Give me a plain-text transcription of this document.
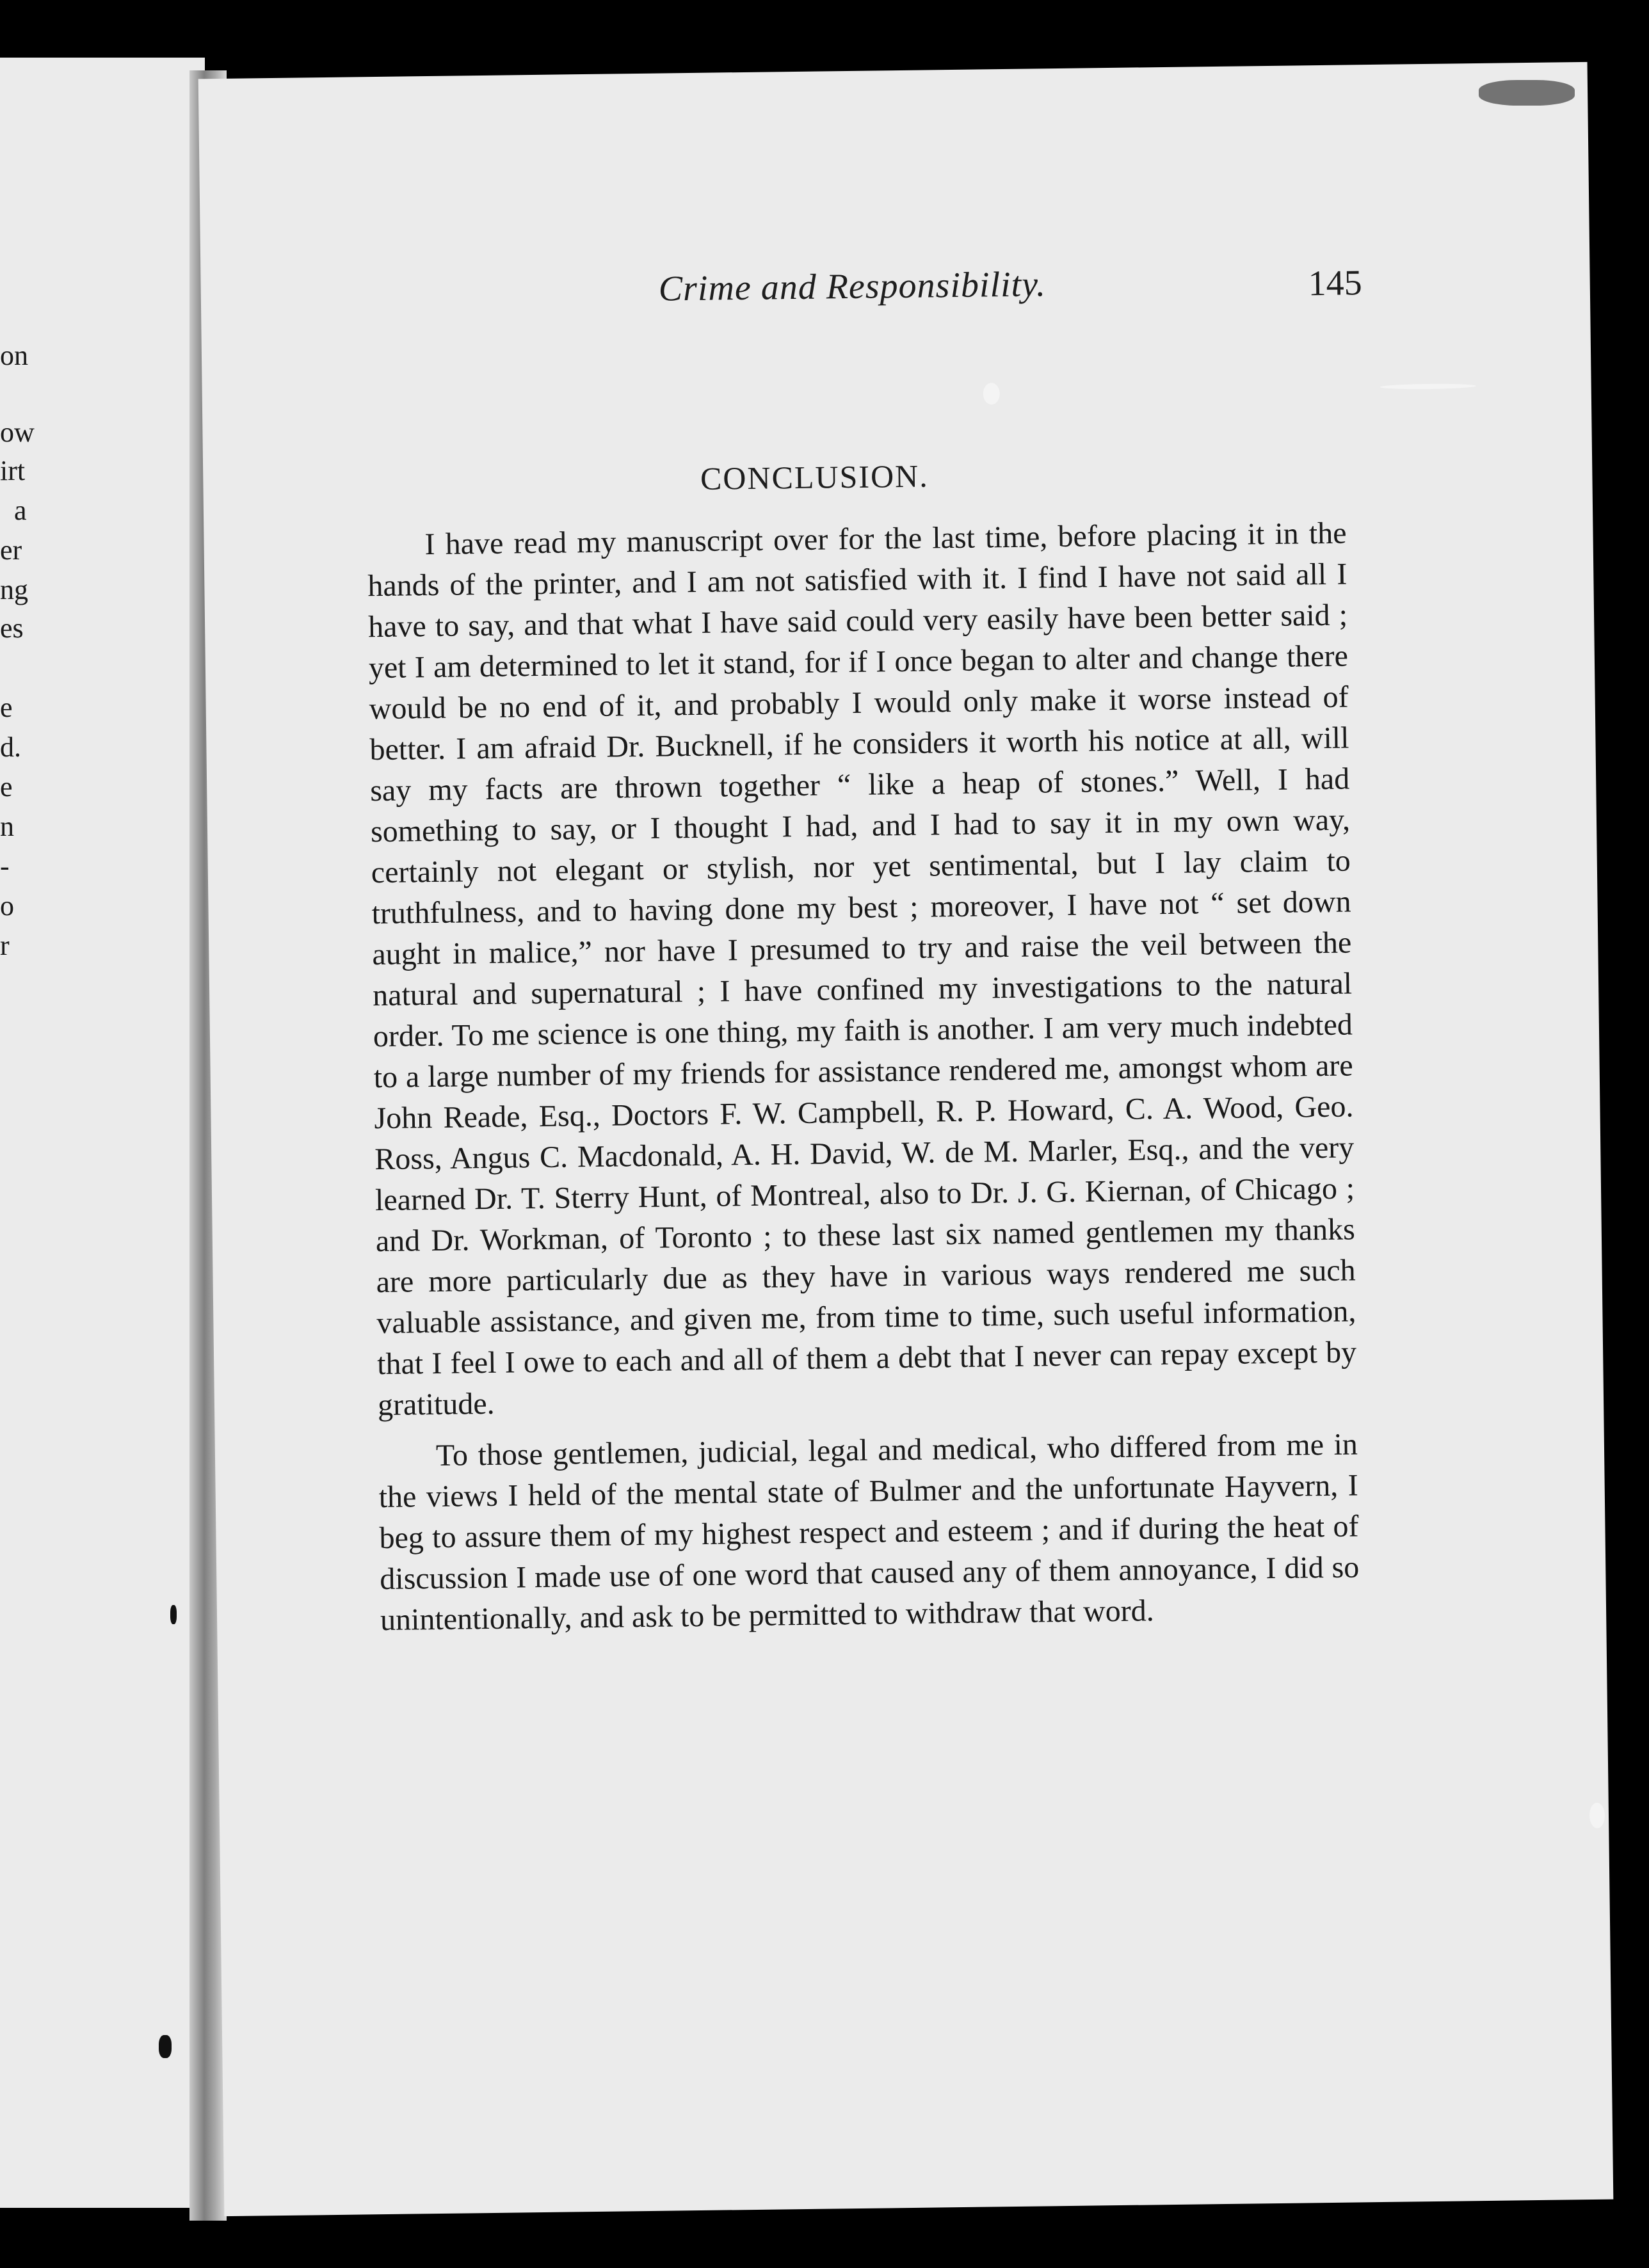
on
ow
irt
a
er
ng
es
e
d.
e
n
-
o
r
Crime and Responsibility.	145
CONCLUSION.

I have read my manuscript over for the last time, before placing it in the hands of the printer, and I am not satisfied with it. I find I have not said all I have to say, and that what I have said could very easily have been better said ; yet I am determined to let it stand, for if I once began to alter and change there would be no end of it, and probably I would only make it worse instead of better. I am afraid Dr. Bucknell, if he considers it worth his notice at all, will say my facts are thrown together “ like a heap of stones.” Well, I had something to say, or I thought I had, and I had to say it in my own way, certainly not elegant or stylish, nor yet sentimental, but I lay claim to truthfulness, and to having done my best ; moreover, I have not “ set down aught in malice,” nor have I presumed to try and raise the veil between the natural and supernatural ; I have confined my investigations to the natural order. To me science is one thing, my faith is another. I am very much indebted to a large number of my friends for assistance rendered me, amongst whom are John Reade, Esq., Doctors F. W. Campbell, R. P. Howard, C. A. Wood, Geo. Ross, Angus C. Macdonald, A. H. David, W. de M. Marler, Esq., and the very learned Dr. T. Sterry Hunt, of Montreal, also to Dr. J. G. Kiernan, of Chicago ; and Dr. Workman, of Toronto ; to these last six named gentlemen my thanks are more particularly due as they have in various ways rendered me such valuable assistance, and given me, from time to time, such useful information, that I feel I owe to each and all of them a debt that I never can repay except by gratitude.

To those gentlemen, judicial, legal and medical, who differed from me in the views I held of the mental state of Bulmer and the unfortunate Hayvern, I beg to assure them of my highest respect and esteem ; and if during the heat of discussion I made use of one word that caused any of them annoyance, I did so unintentionally, and ask to be permitted to withdraw that word.
